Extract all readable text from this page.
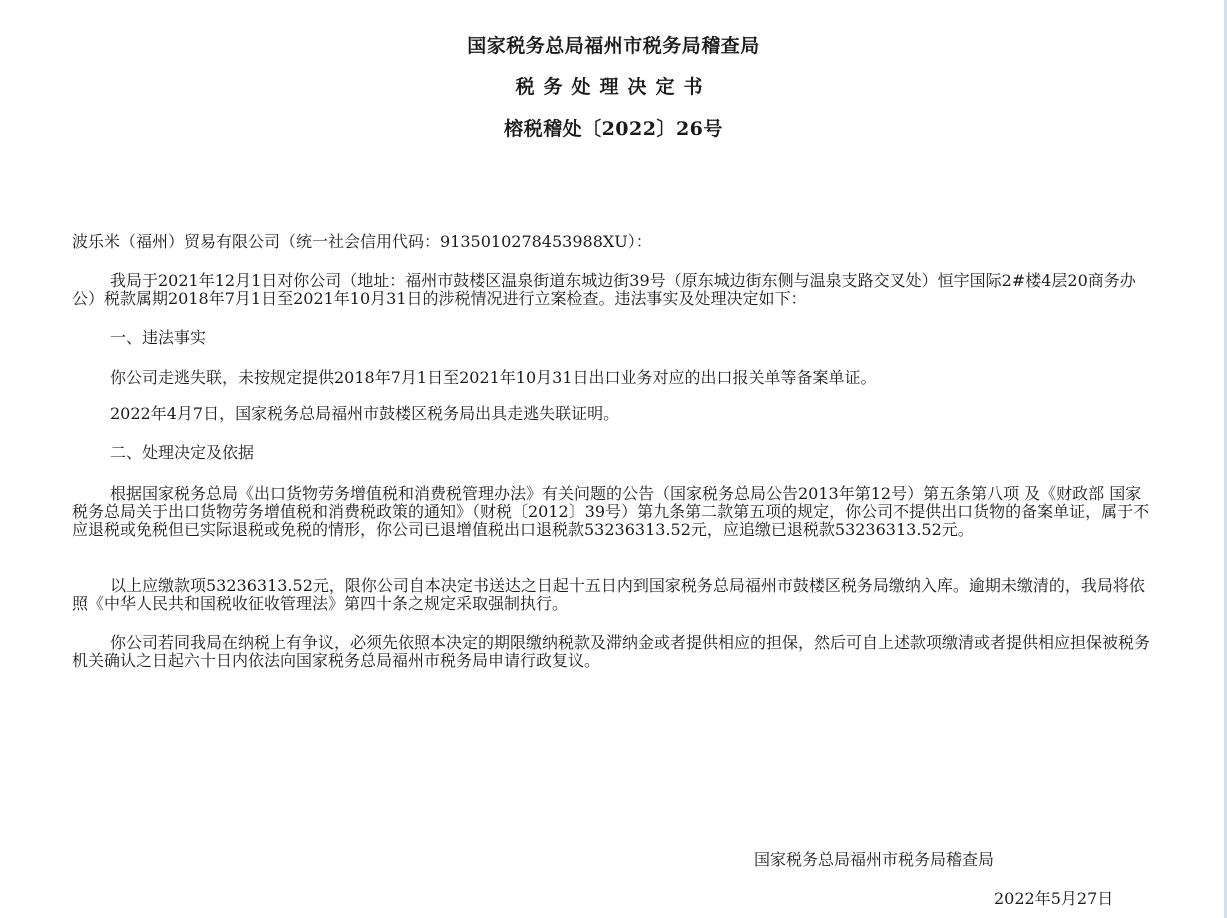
国家税务总局福州市税务局稽查局
税务处理决定书
榕税稽处〔2022〕26号
波乐米（福州）贸易有限公司（统一社会信用代码：913501027845398​8XU）：
我局于2021年12月1日对你公司（地址：福州市鼓楼区温泉街道东城边街39号（原东城边街东侧与温泉支路交叉处）恒宇国际2#楼4层20商务办公）税款属期2018年7月1日至2021年10月31日的涉税情况进行立案检查。违法事实及处理决定如下：
一、违法事实
你公司走逃失联，未按规定提供2018年7月1日至2021年10月31日出口业务对应的出口报关单等备案单证。
2022年4月7日，国家税务总局福州市鼓楼区税务局出具走逃失联证明。
二、处理决定及依据
根据国家税务总局《出口货物劳务增值税和消费税管理办法》有关问题的公告（国家税务总局公告2013年第12号）第五条第八项 及《财政部 国家税务总局关于出口货物劳务增值税和消费税政策的通知》（财税〔2012〕39号）第九条第二款第五项的规定，你公司不提供出口货物的备案单证，属于不应退税或免税但已实际退税或免税的情形，你公司已退增值税出口退税款53236313.52元，应追缴已退税款53236313.52元。
以上应缴款项53236313.52元，限你公司自本决定书送达之日起十五日内到国家税务总局福州市鼓楼区税务局缴纳入库。逾期未缴清的，我局将依照《中华人民共和国税收征收管理法》第四十条之规定采取强制执行。
你公司若同我局在纳税上有争议，必须先依照本决定的期限缴纳税款及滞纳金或者提供相应的担保，然后可自上述款项缴清或者提供相应担保被税务机关确认之日起六十日内依法向国家税务总局福州市税务局申请行政复议。
国家税务总局福州市税务局稽查局
2022年5月27日
